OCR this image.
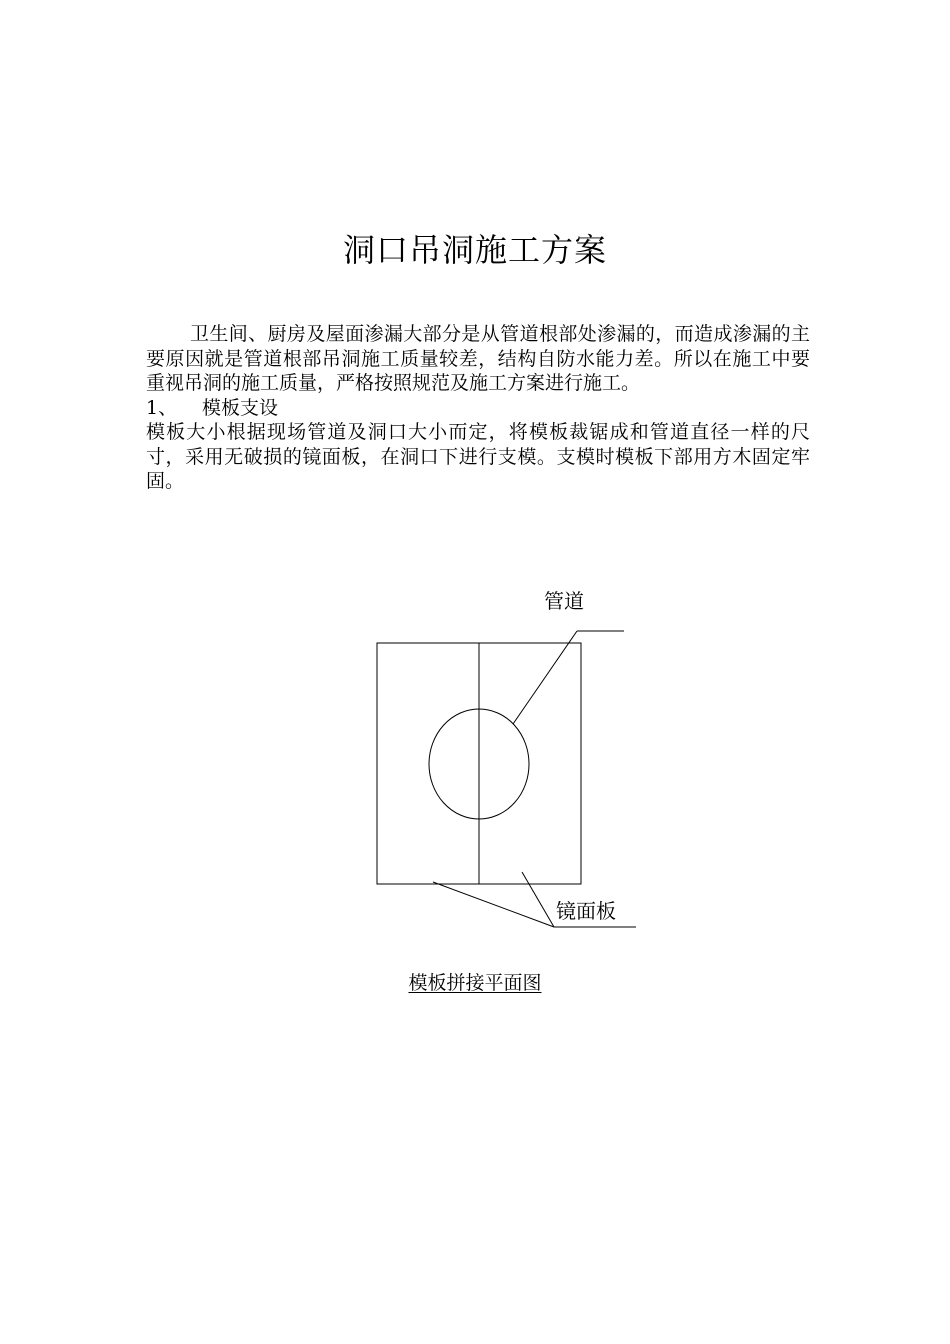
洞口吊洞施工方案

卫生间、厨房及屋面渗漏大部分是从管道根部处渗漏的，而造成渗漏的主要原因就是管道根部吊洞施工质量较差，结构自防水能力差。所以在施工中要重视吊洞的施工质量，严格按照规范及施工方案进行施工。

1、	模板支设

模板大小根据现场管道及洞口大小而定，将模板裁锯成和管道直径一样的尺寸，采用无破损的镜面板，在洞口下进行支模。支模时模板下部用方木固定牢固。

管道
镜面板
模板拼接平面图
